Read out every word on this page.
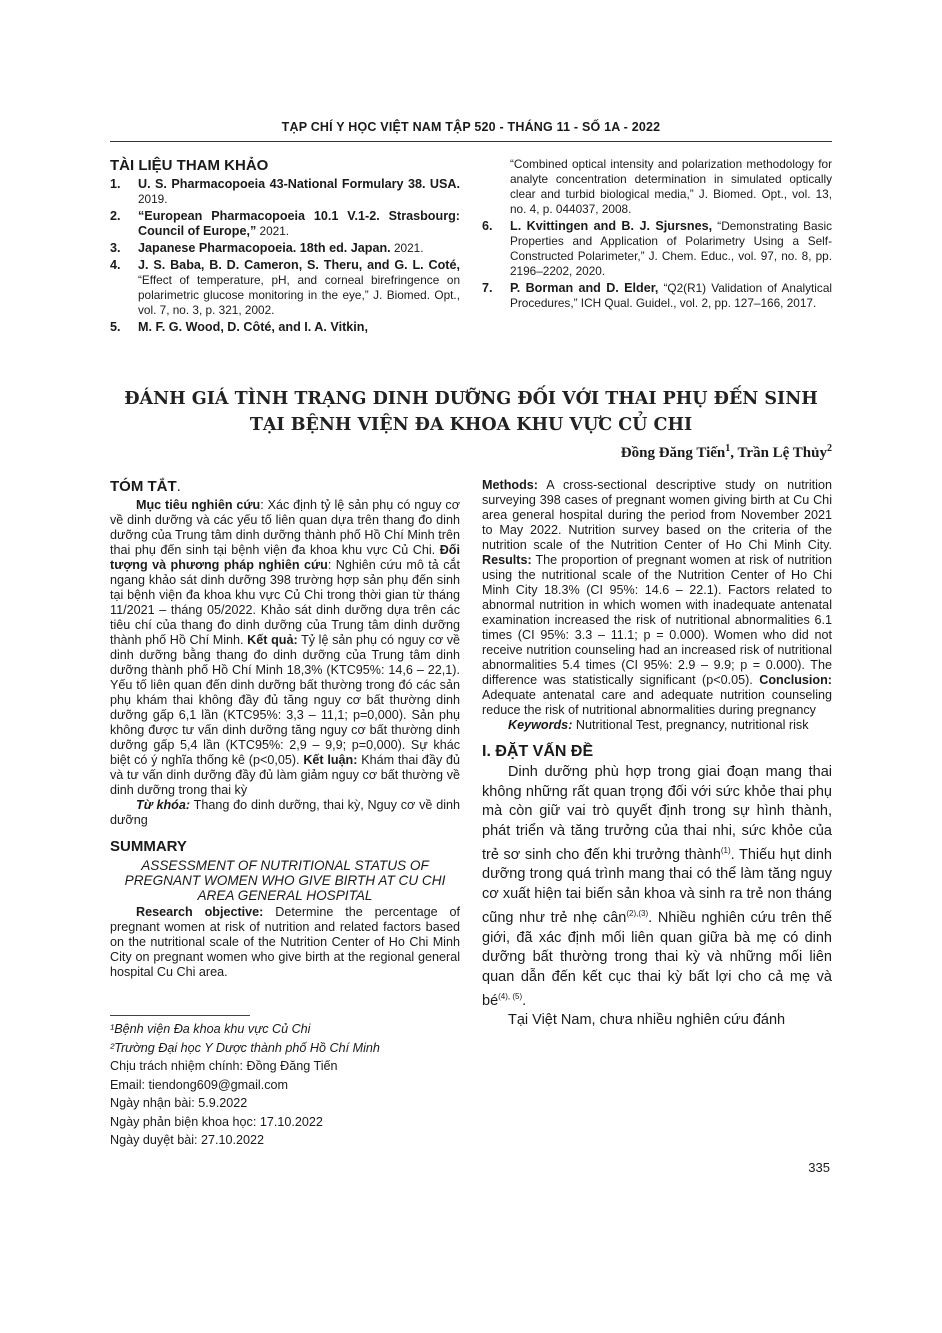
TẠP CHÍ Y HỌC VIỆT NAM TẬP 520 - THÁNG 11 - SỐ 1A - 2022
TÀI LIỆU THAM KHẢO
1. U. S. Pharmacopoeia 43-National Formulary 38. USA. 2019.
2. “European Pharmacopoeia 10.1 V.1-2. Strasbourg: Council of Europe,” 2021.
3. Japanese Pharmacopoeia. 18th ed. Japan. 2021.
4. J. S. Baba, B. D. Cameron, S. Theru, and G. L. Coté, “Effect of temperature, pH, and corneal birefringence on polarimetric glucose monitoring in the eye,” J. Biomed. Opt., vol. 7, no. 3, p. 321, 2002.
5. M. F. G. Wood, D. Côté, and I. A. Vitkin,
“Combined optical intensity and polarization methodology for analyte concentration determination in simulated optically clear and turbid biological media,” J. Biomed. Opt., vol. 13, no. 4, p. 044037, 2008.
6. L. Kvittingen and B. J. Sjursnes, “Demonstrating Basic Properties and Application of Polarimetry Using a Self-Constructed Polarimeter,” J. Chem. Educ., vol. 97, no. 8, pp. 2196–2202, 2020.
7. P. Borman and D. Elder, “Q2(R1) Validation of Analytical Procedures,” ICH Qual. Guidel., vol. 2, pp. 127–166, 2017.
ĐÁNH GIÁ TÌNH TRẠNG DINH DƯỠNG ĐỐI VỚI THAI PHỤ ĐẾN SINH TẠI BỆNH VIỆN ĐA KHOA KHU VỰC CỦ CHI
Đồng Đăng Tiến$^1$, Trần Lệ Thủy$^2$
TÓM TẮT.

Mục tiêu nghiên cứu: Xác định tỷ lệ sản phụ có nguy cơ về dinh dưỡng và các yếu tố liên quan dựa trên thang đo dinh dưỡng của Trung tâm dinh dưỡng thành phố Hồ Chí Minh trên thai phụ đến sinh tại bệnh viện đa khoa khu vực Củ Chi. Đối tượng và phương pháp nghiên cứu: Nghiên cứu mô tả cắt ngang khảo sát dinh dưỡng 398 trường hợp sản phụ đến sinh tại bệnh viện đa khoa khu vực Củ Chi trong thời gian từ tháng 11/2021 – tháng 05/2022. Khảo sát dinh dưỡng dựa trên các tiêu chí của thang đo dinh dưỡng của Trung tâm dinh dưỡng thành phố Hồ Chí Minh. Kết quả: Tỷ lệ sản phụ có nguy cơ về dinh dưỡng bằng thang đo dinh dưỡng của Trung tâm dinh dưỡng thành phố Hồ Chí Minh 18,3% (KTC95%: 14,6 – 22,1). Yếu tố liên quan đến dinh dưỡng bất thường trong đó các sản phụ khám thai không đầy đủ tăng nguy cơ bất thường dinh dưỡng gấp 6,1 lần (KTC95%: 3,3 – 11,1; p=0,000). Sản phụ không được tư vấn dinh dưỡng tăng nguy cơ bất thường dinh dưỡng gấp 5,4 lần (KTC95%: 2,9 – 9,9; p=0,000). Sự khác biệt có ý nghĩa thống kê (p<0,05). Kết luận: Khám thai đầy đủ và tư vấn dinh dưỡng đầy đủ làm giảm nguy cơ bất thường về dinh dưỡng trong thai kỳ

Từ khóa: Thang đo dinh dưỡng, thai kỳ, Nguy cơ về dinh dưỡng

SUMMARY
ASSESSMENT OF NUTRITIONAL STATUS OF PREGNANT WOMEN WHO GIVE BIRTH AT CU CHI AREA GENERAL HOSPITAL

Research objective: Determine the percentage of pregnant women at risk of nutrition and related factors based on the nutritional scale of the Nutrition Center of Ho Chi Minh City on pregnant women who give birth at the regional general hospital Cu Chi area.

¹Bệnh viện Đa khoa khu vực Củ Chi
²Trường Đại học Y Dược thành phố Hồ Chí Minh
Chịu trách nhiệm chính: Đồng Đăng Tiến
Email: tiendong609@gmail.com
Ngày nhận bài: 5.9.2022
Ngày phản biện khoa học: 17.10.2022
Ngày duyệt bài: 27.10.2022

Methods: A cross-sectional descriptive study on nutrition surveying 398 cases of pregnant women giving birth at Cu Chi area general hospital during the period from November 2021 to May 2022. Nutrition survey based on the criteria of the nutrition scale of the Nutrition Center of Ho Chi Minh City. Results: The proportion of pregnant women at risk of nutrition using the nutritional scale of the Nutrition Center of Ho Chi Minh City 18.3% (CI 95%: 14.6 – 22.1). Factors related to abnormal nutrition in which women with inadequate antenatal examination increased the risk of nutritional abnormalities 6.1 times (CI 95%: 3.3 – 11.1; p = 0.000). Women who did not receive nutrition counseling had an increased risk of nutritional abnormalities 5.4 times (CI 95%: 2.9 – 9.9; p = 0.000). The difference was statistically significant (p<0.05). Conclusion: Adequate antenatal care and adequate nutrition counseling reduce the risk of nutritional abnormalities during pregnancy

Keywords: Nutritional Test, pregnancy, nutritional risk

I. ĐẶT VẤN ĐỀ

Dinh dưỡng phù hợp trong giai đoạn mang thai không những rất quan trọng đối với sức khỏe thai phụ mà còn giữ vai trò quyết định trong sự hình thành, phát triển và tăng trưởng của thai nhi, sức khỏe của trẻ sơ sinh cho đến khi trưởng thành$^{(1)}$. Thiếu hụt dinh dưỡng trong quá trình mang thai có thể làm tăng nguy cơ xuất hiện tai biến sản khoa và sinh ra trẻ non tháng cũng như trẻ nhẹ cân$^{(2),(3)}$. Nhiều nghiên cứu trên thế giới, đã xác định mối liên quan giữa bà mẹ có dinh dưỡng bất thường trong thai kỳ và những mối liên quan dẫn đến kết cục thai kỳ bất lợi cho cả mẹ và $bé^{(4), (5)}$.

Tại Việt Nam, chưa nhiều nghiên cứu đánh

335
